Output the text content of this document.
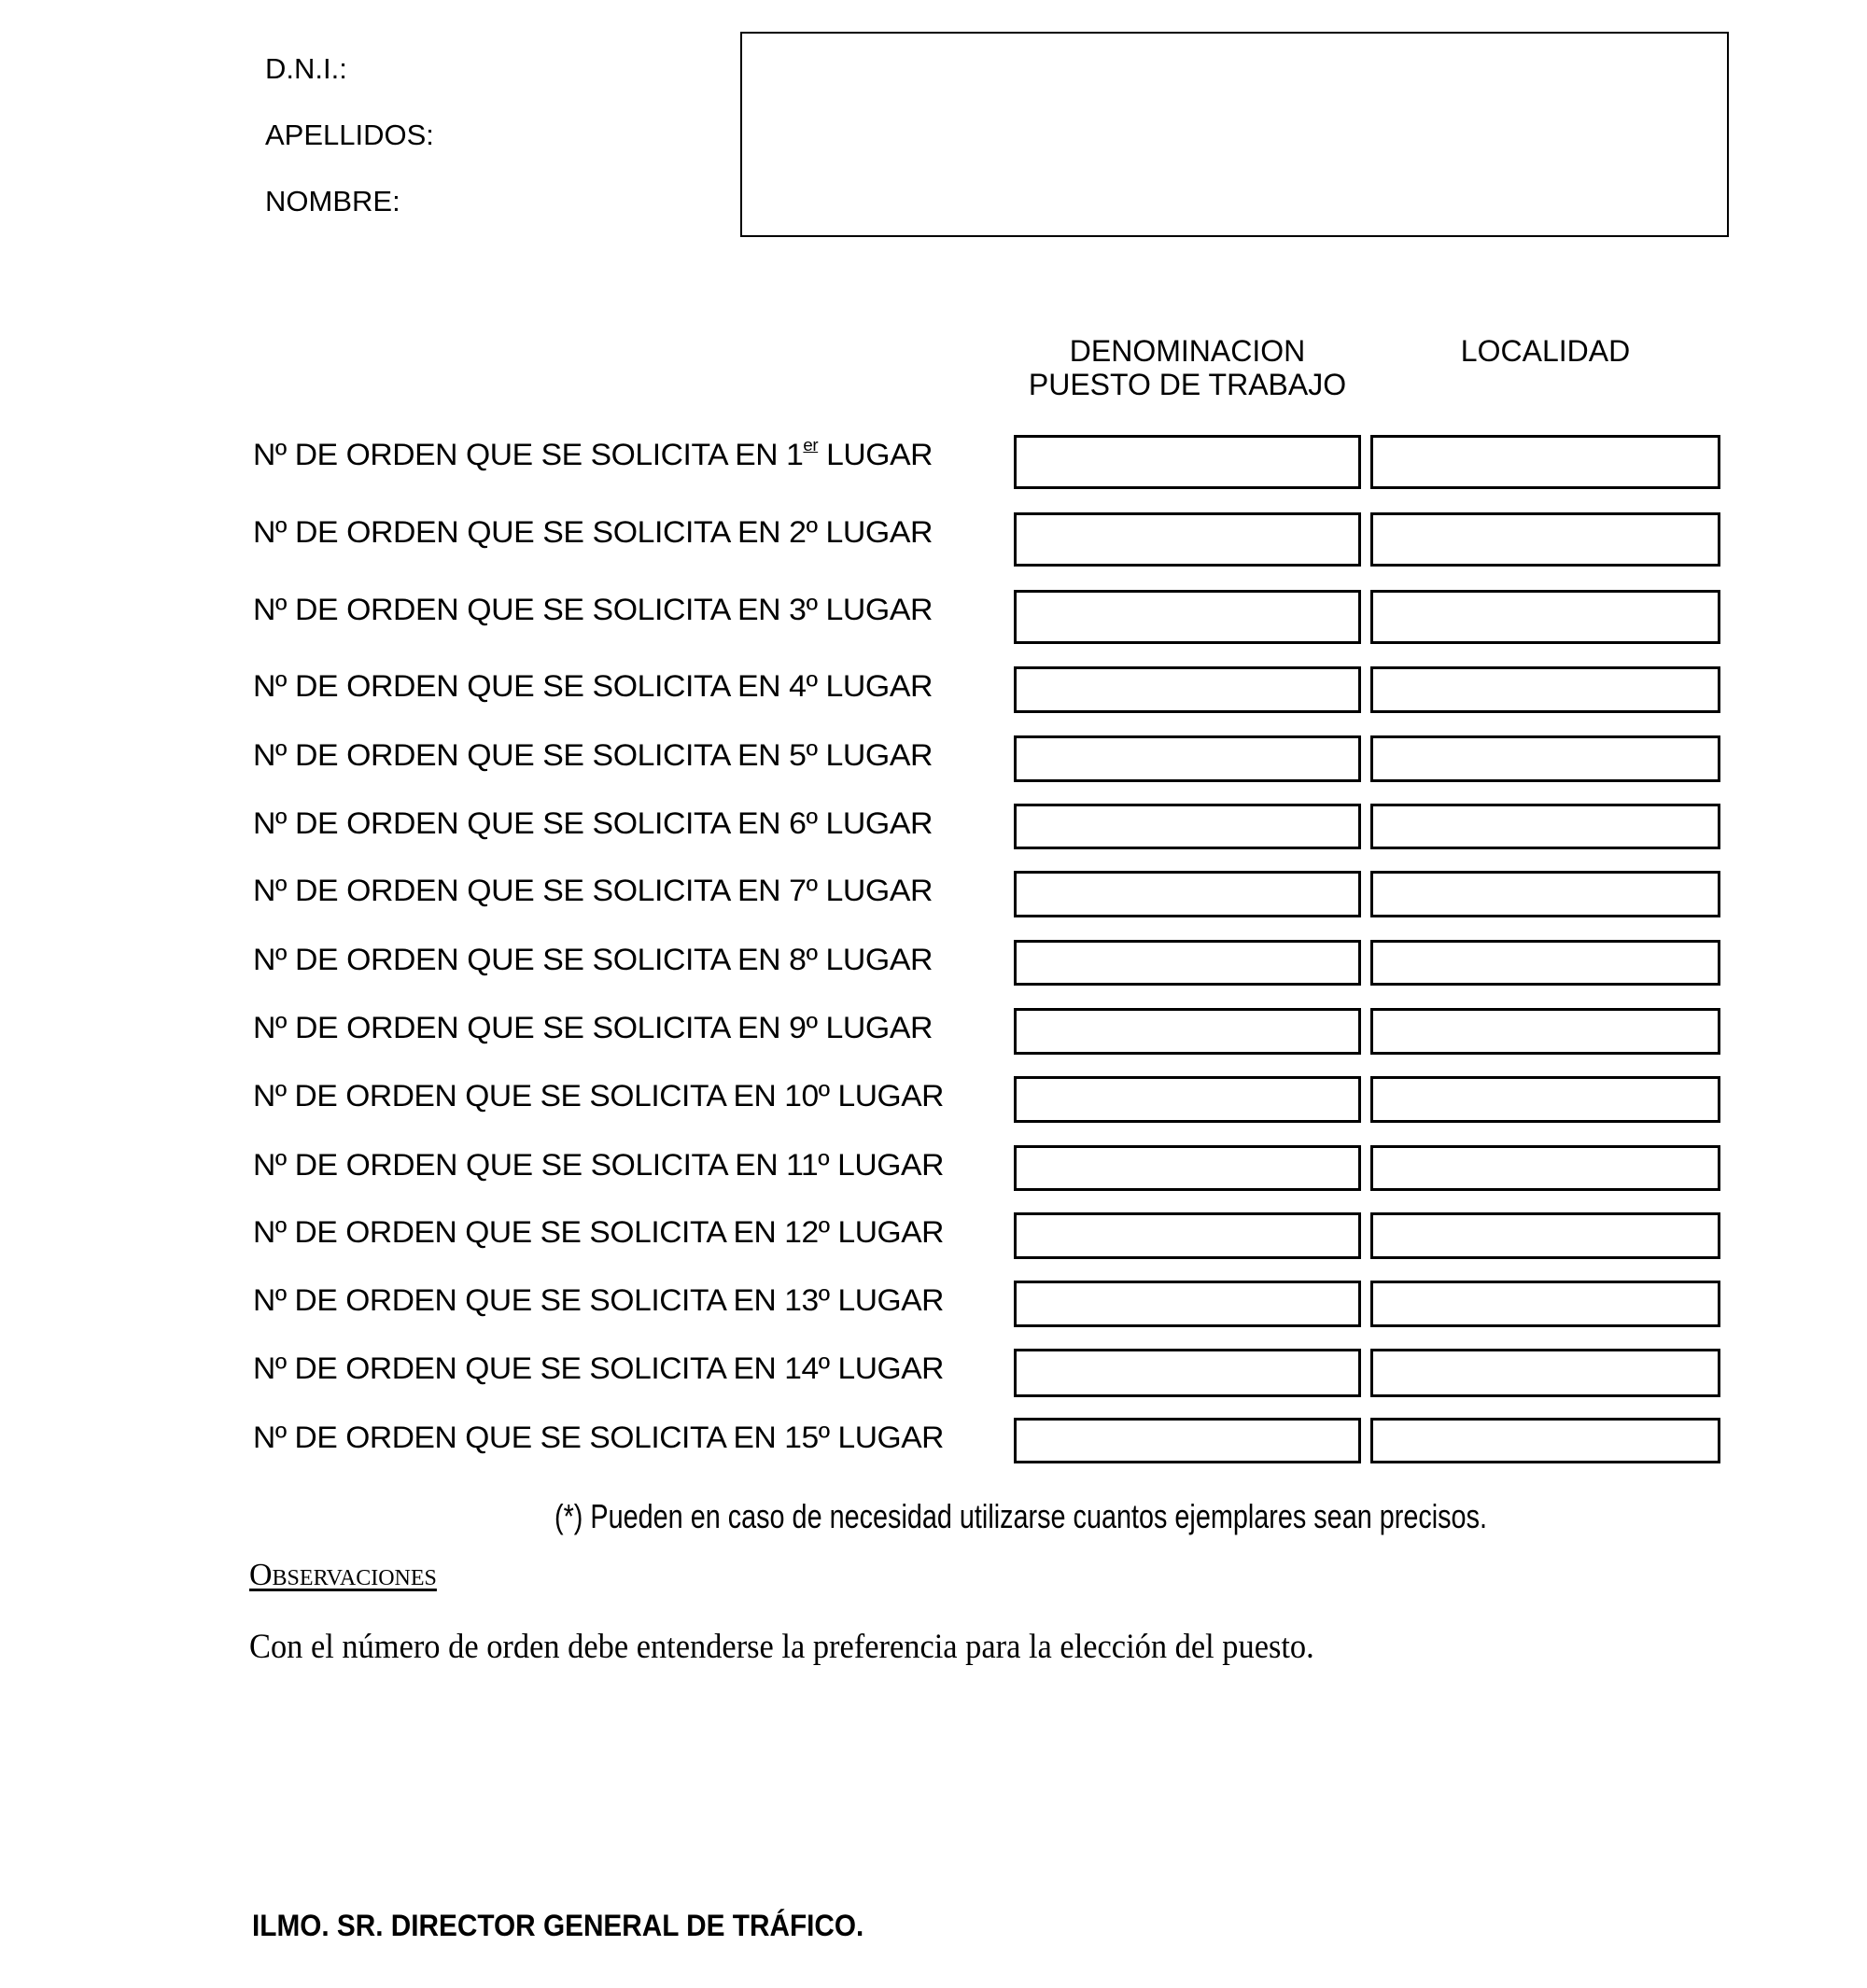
D.N.I.:
APELLIDOS:
NOMBRE:
DENOMINACION
PUESTO DE TRABAJO
LOCALIDAD
Nº DE ORDEN QUE SE SOLICITA EN 1er LUGAR
Nº DE ORDEN QUE SE SOLICITA EN 2º LUGAR
Nº DE ORDEN QUE SE SOLICITA EN 3º LUGAR
Nº DE ORDEN QUE SE SOLICITA EN 4º LUGAR
Nº DE ORDEN QUE SE SOLICITA EN 5º LUGAR
Nº DE ORDEN QUE SE SOLICITA EN 6º LUGAR
Nº DE ORDEN QUE SE SOLICITA EN 7º LUGAR
Nº DE ORDEN QUE SE SOLICITA EN 8º LUGAR
Nº DE ORDEN QUE SE SOLICITA EN 9º LUGAR
Nº DE ORDEN QUE SE SOLICITA EN 10º LUGAR
Nº DE ORDEN QUE SE SOLICITA EN 11º LUGAR
Nº DE ORDEN QUE SE SOLICITA EN 12º LUGAR
Nº DE ORDEN QUE SE SOLICITA EN 13º LUGAR
Nº DE ORDEN QUE SE SOLICITA EN 14º LUGAR
Nº DE ORDEN QUE SE SOLICITA EN 15º LUGAR
(*) Pueden en caso de necesidad utilizarse cuantos ejemplares sean precisos.
Observaciones
Con el número de orden debe entenderse la preferencia para la elección del puesto.
ILMO. SR. DIRECTOR GENERAL DE TRÁFICO.
